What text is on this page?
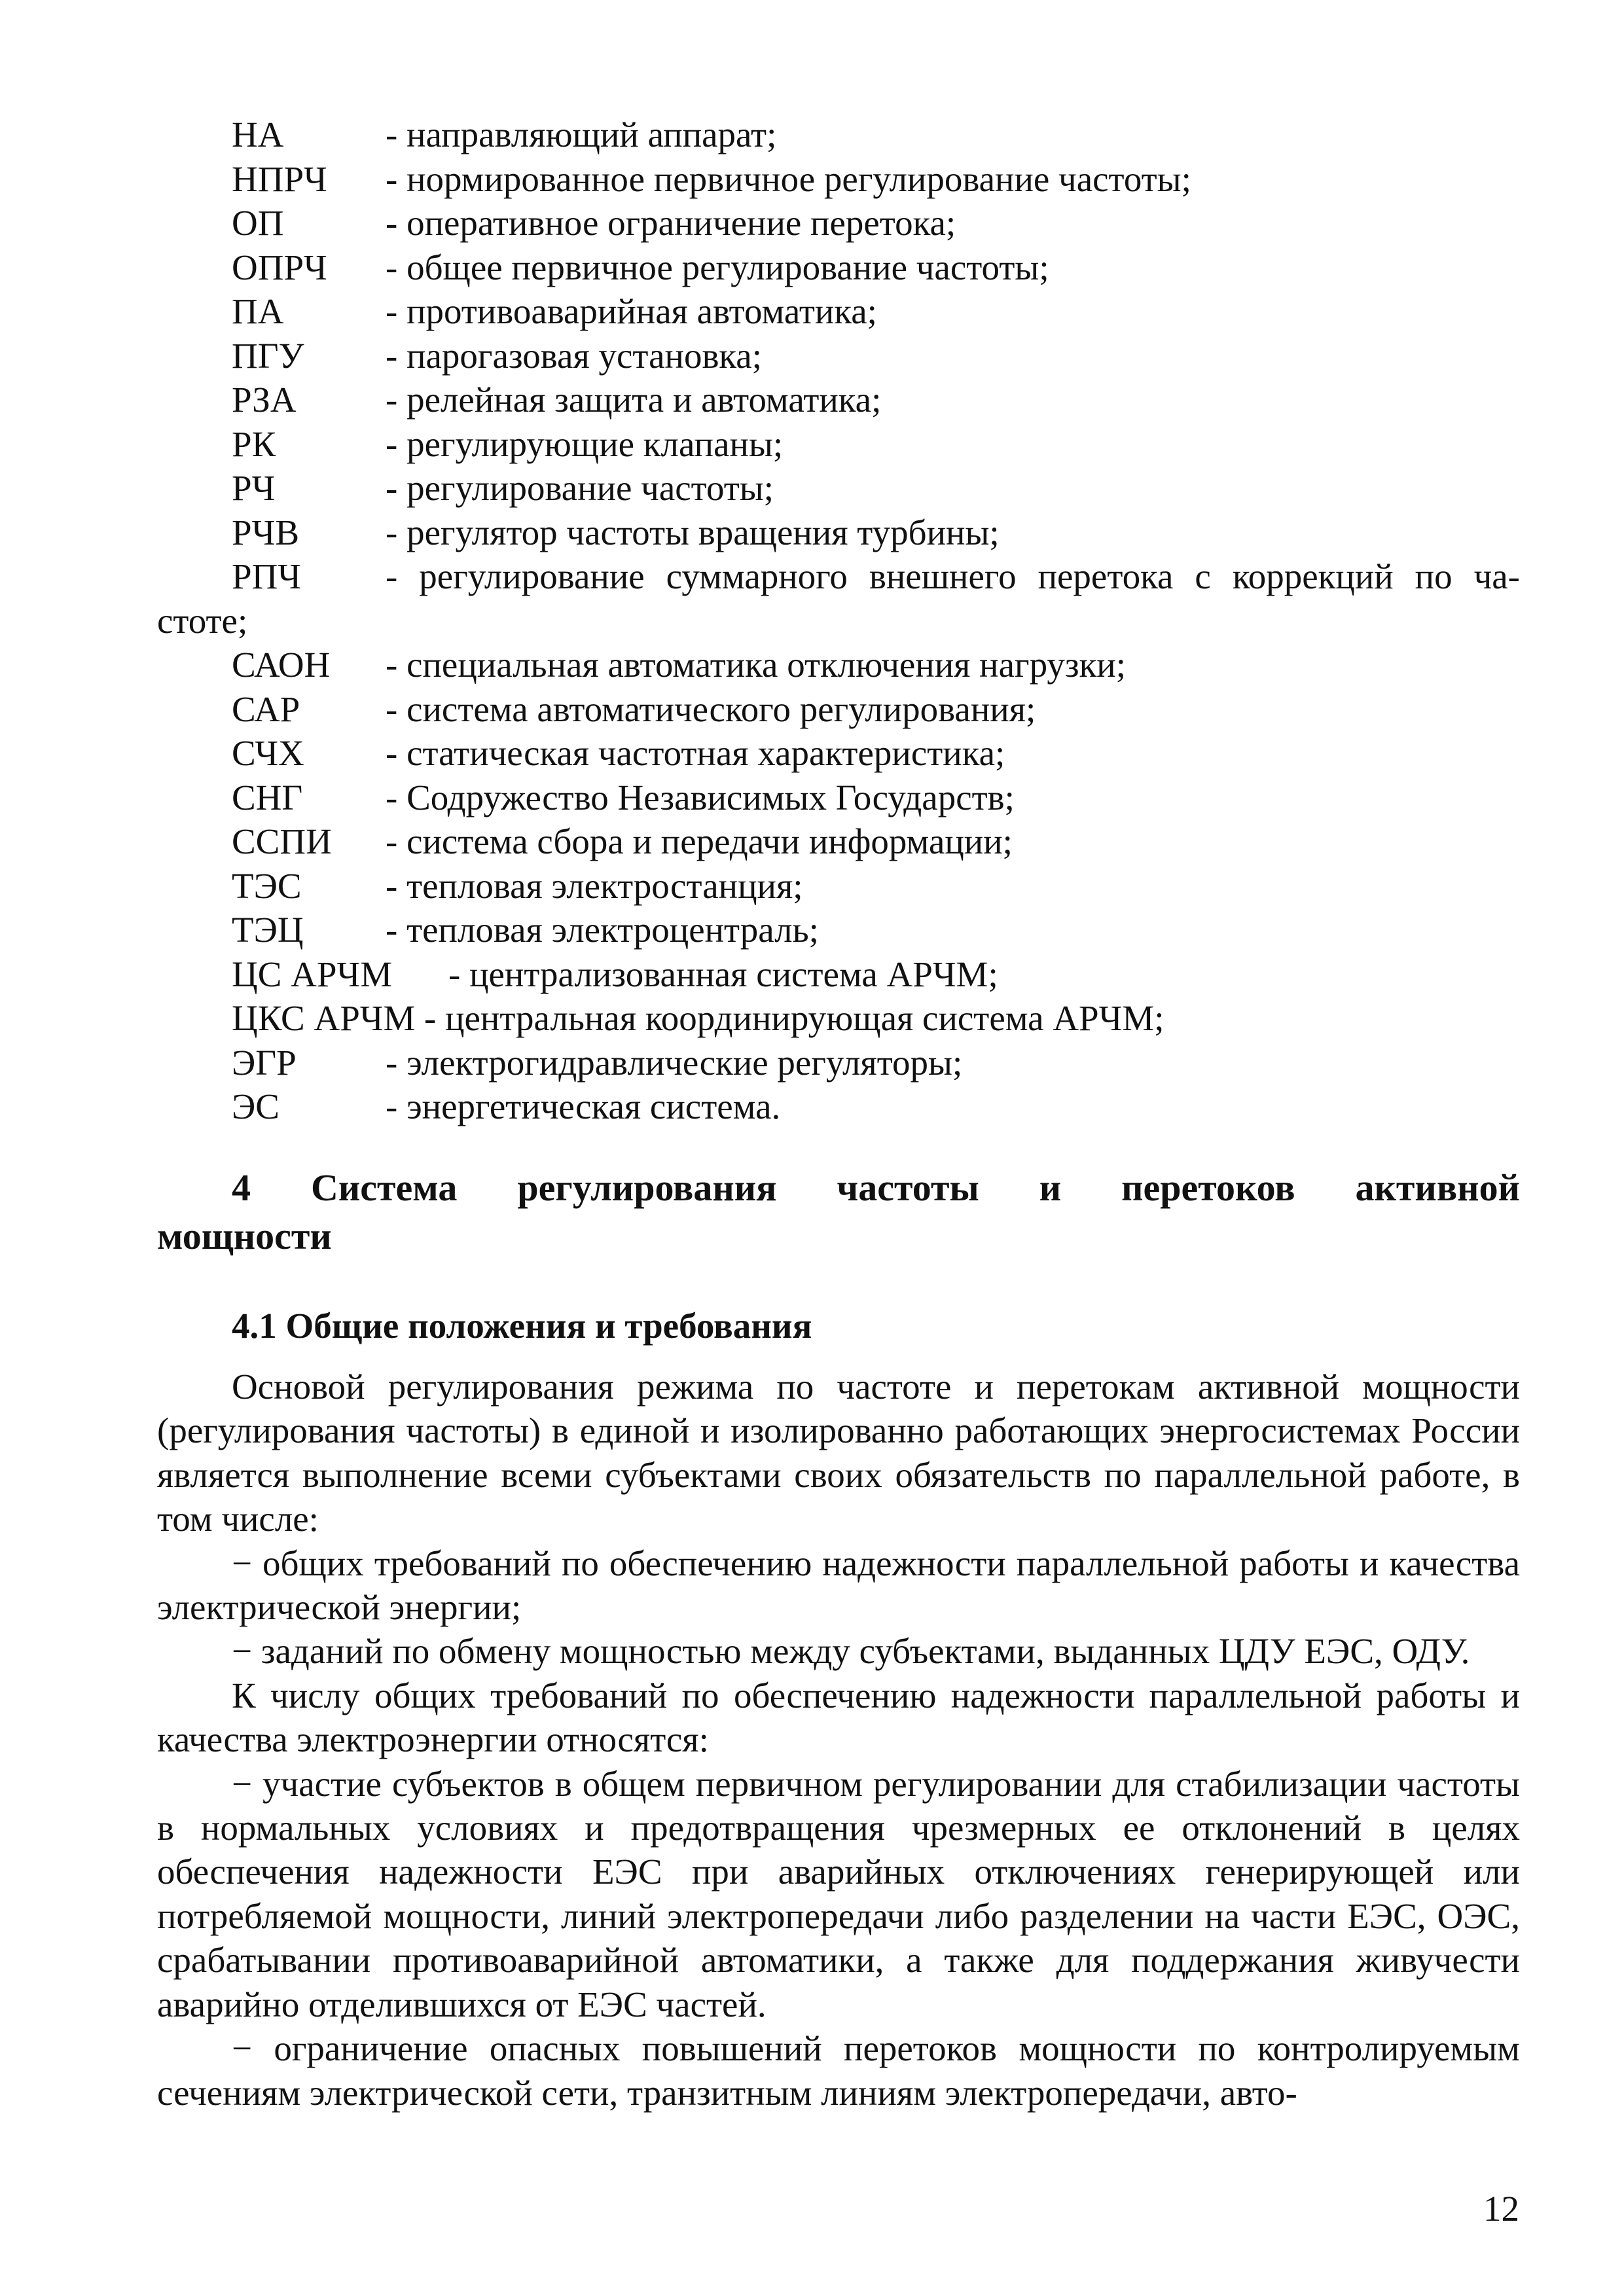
НА	- направляющий аппарат;
НПРЧ - нормированное первичное регулирование частоты;
ОП	- оперативное ограничение перетока;
ОПРЧ - общее первичное регулирование частоты;
ПА	- противоаварийная автоматика;
ПГУ - парогазовая установка;
РЗА - релейная защита и автоматика;
РК	- регулирующие клапаны;
РЧ	- регулирование частоты;
РЧВ - регулятор частоты вращения турбины;
РПЧ - регулирование суммарного внешнего перетока с коррекций по ча-
стоте;
САОН - специальная автоматика отключения нагрузки;
САР - система автоматического регулирования;
СЧХ - статическая частотная характеристика;
СНГ - Содружество Независимых Государств;
ССПИ - система сбора и передачи информации;
ТЭС - тепловая электростанция;
ТЭЦ - тепловая электроцентраль;
ЦС АРЧМ - централизованная система АРЧМ;
ЦКС АРЧМ - центральная координирующая система АРЧМ;
ЭГР - электрогидравлические регуляторы;
ЭС	- энергетическая система.
4 Система регулирования частоты и перетоков активной
мощности
4.1 Общие положения и требования

Основой регулирования режима по частоте и перетокам активной мощности (регулирования частоты) в единой и изолированно работающих энергосистемах России является выполнение всеми субъектами своих обязательств по параллельной работе, в том числе:

− общих требований по обеспечению надежности параллельной работы и качества электрической энергии;

− заданий по обмену мощностью между субъектами, выданных ЦДУ ЕЭС, ОДУ.

К числу общих требований по обеспечению надежности параллельной работы и качества электроэнергии относятся:

− участие субъектов в общем первичном регулировании для стабилизации частоты в нормальных условиях и предотвращения чрезмерных ее отклонений в целях обеспечения надежности ЕЭС при аварийных отключениях генерирующей или потребляемой мощности, линий электропередачи либо разделении на части ЕЭС, ОЭС, срабатывании противоаварийной автоматики, а также для поддержания живучести аварийно отделившихся от ЕЭС частей.

− ограничение опасных повышений перетоков мощности по контролируемым сечениям электрической сети, транзитным линиям электропередачи, авто-

12
